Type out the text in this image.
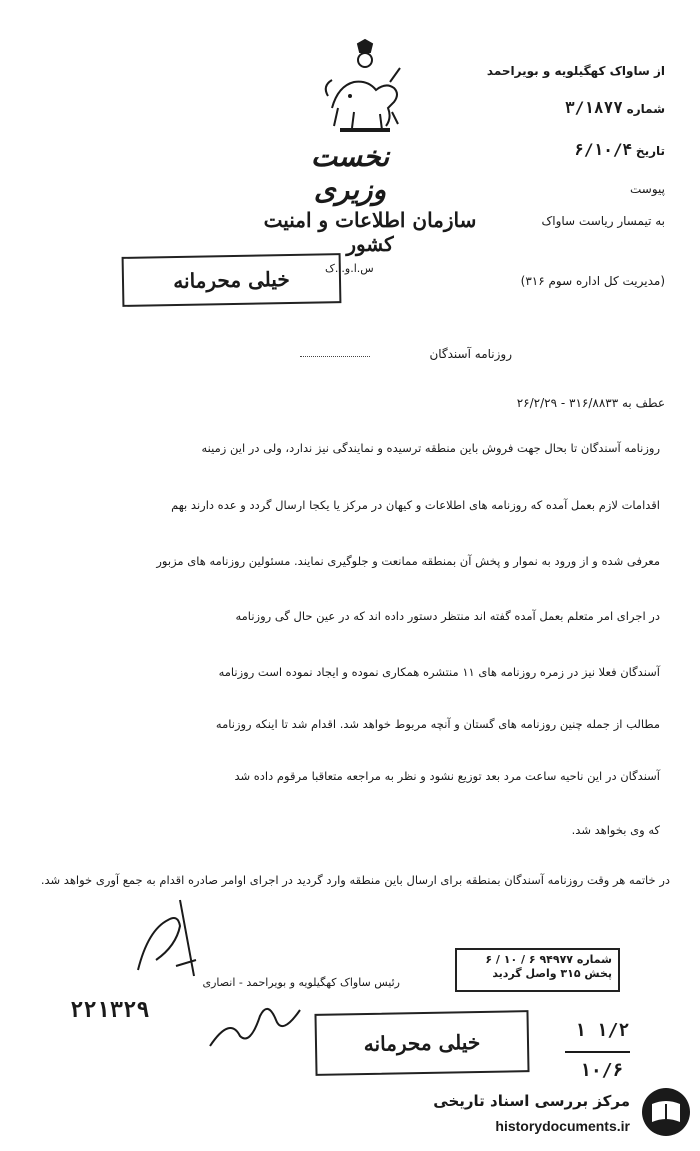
نخست وزیری
سازمان اطلاعات و امنیت کشور
از ساواک کهگیلویه و بویراحمد
شماره ۳/۱۸۷۷
تاریخ ۶/۱۰/۴
پیوست
به تیمسار ریاست ساواک
(مدیریت کل اداره سوم ۳۱۶)
خیلی محرمانه	س.ا.و.ا.ک
روزنامه آسندگان
عطف به ۳۱۶/۸۸۳۳ - ۲۶/۲/۲۹
روزنامه آسندگان تا بحال جهت فروش باین منطقه ترسیده و نمایندگی نیز ندارد، ولی در این زمینه
اقدامات لازم بعمل آمده که روزنامه های اطلاعات و کیهان در مرکز یا یکجا ارسال گردد و عده دارند بهم
معرفی شده و از ورود به نموار و پخش آن بمنطقه ممانعت و جلوگیری نمایند. مسئولین روزنامه های مزبور
در اجرای امر متعلم بعمل آمده گفته اند منتظر دستور داده اند که در عین حال گی روزنامه
آسندگان فعلا نیز در زمره روزنامه های ۱۱ منتشره همکاری نموده و ایجاد نموده است روزنامه
مطالب از جمله چنین روزنامه های گستان و آنچه مربوط خواهد شد. اقدام شد تا اینکه روزنامه
آسندگان در این ناحیه ساعت مرد بعد توزیع نشود و نظر به مراجعه متعاقبا مرقوم داده شد
که وی بخواهد شد.
در خاتمه هر وقت روزنامه آسندگان بمنطقه برای ارسال باین منطقه وارد گردید در اجرای اوامر صادره اقدام به جمع آوری خواهد شد.
رئیس ساواک کهگیلویه و بویراحمد - انصاری
شماره ۹۴۹۷۷ ۶ / ۱۰ / ۶
پخش ۳۱۵ واصل گردید
۲۲۱۳۲۹
خیلی محرمانه	۱ ۱/۲
۱۰/۶
مرکز بررسی اسناد تاریخی
historydocuments.ir
